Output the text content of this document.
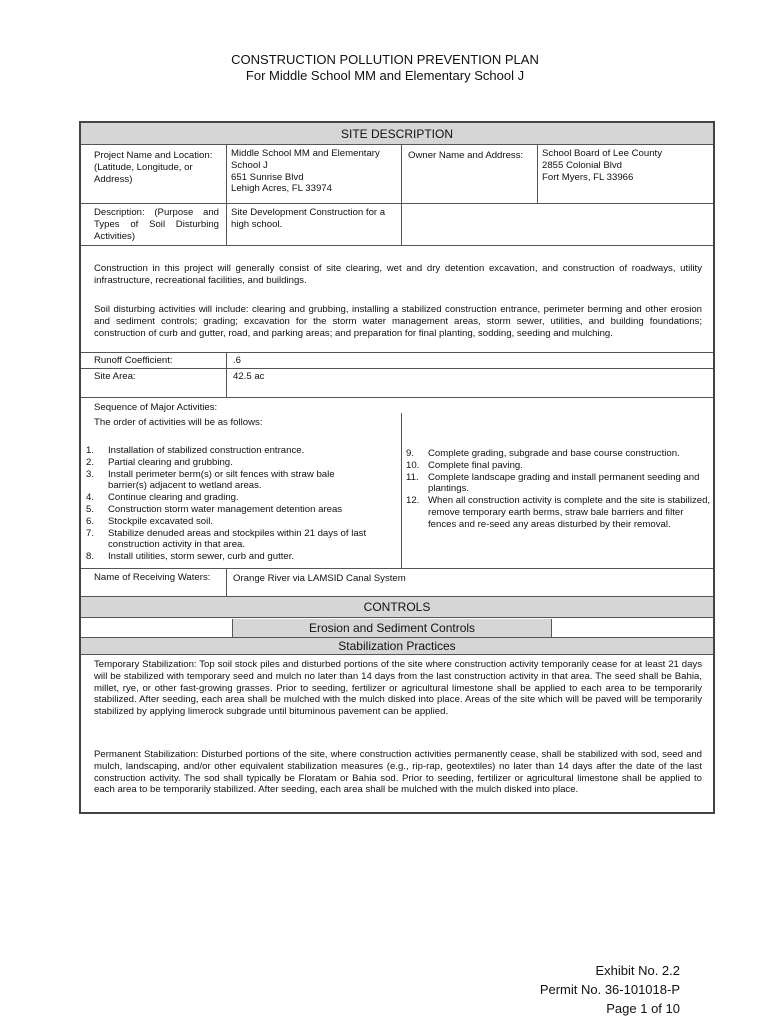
CONSTRUCTION POLLUTION PREVENTION PLAN
For Middle School MM and Elementary School J
SITE DESCRIPTION
Project Name and Location: (Latitude, Longitude, or Address)
Middle School MM and Elementary School J
651 Sunrise Blvd
Lehigh Acres, FL 33974
Owner Name and Address:	School Board of Lee County
2855 Colonial Blvd
Fort Myers, FL 33966
Description: (Purpose and Types of Soil Disturbing Activities)
Site Development Construction for a high school.
Construction in this project will generally consist of site clearing, wet and dry detention excavation, and construction of roadways, utility infrastructure, recreational facilities, and buildings.
Soil disturbing activities will include: clearing and grubbing, installing a stabilized construction entrance, perimeter berming and other erosion and sediment controls; grading; excavation for the storm water management areas, storm sewer, utilities, and building foundations; construction of curb and gutter, road, and parking areas; and preparation for final planting, sodding, seeding and mulching.
Runoff Coefficient:	.6
Site Area:	42.5 ac
Sequence of Major Activities:
The order of activities will be as follows:
1. Installation of stabilized construction entrance.
2. Partial clearing and grubbing.
3. Install perimeter berm(s) or silt fences with straw bale barrier(s) adjacent to wetland areas.
4. Continue clearing and grading.
5. Construction storm water management detention areas
6. Stockpile excavated soil.
7. Stabilize denuded areas and stockpiles within 21 days of last construction activity in that area.
8. Install utilities, storm sewer, curb and gutter.
9. Complete grading, subgrade and base course construction.
10. Complete final paving.
11. Complete landscape grading and install permanent seeding and plantings.
12. When all construction activity is complete and the site is stabilized, remove temporary earth berms, straw bale barriers and filter fences and re-seed any areas disturbed by their removal.
Name of Receiving Waters:	Orange River via LAMSID Canal System
CONTROLS
Erosion and Sediment Controls
Stabilization Practices
Temporary Stabilization: Top soil stock piles and disturbed portions of the site where construction activity temporarily cease for at least 21 days will be stabilized with temporary seed and mulch no later than 14 days from the last construction activity in that area. The seed shall be Bahia, millet, rye, or other fast-growing grasses. Prior to seeding, fertilizer or agricultural limestone shall be applied to each area to be temporarily stabilized. After seeding, each area shall be mulched with the mulch disked into place. Areas of the site which will be paved will be temporarily stabilized by applying limerock subgrade until bituminous pavement can be applied.
Permanent Stabilization: Disturbed portions of the site, where construction activities permanently cease, shall be stabilized with sod, seed and mulch, landscaping, and/or other equivalent stabilization measures (e.g., rip-rap, geotextiles) no later than 14 days after the date of the last construction activity. The sod shall typically be Floratam or Bahia sod. Prior to seeding, fertilizer or agricultural limestone shall be applied to each area to be temporarily stabilized. After seeding, each area shall be mulched with the mulch disked into place.
Exhibit No. 2.2
Permit No. 36-101018-P
Page 1 of 10
